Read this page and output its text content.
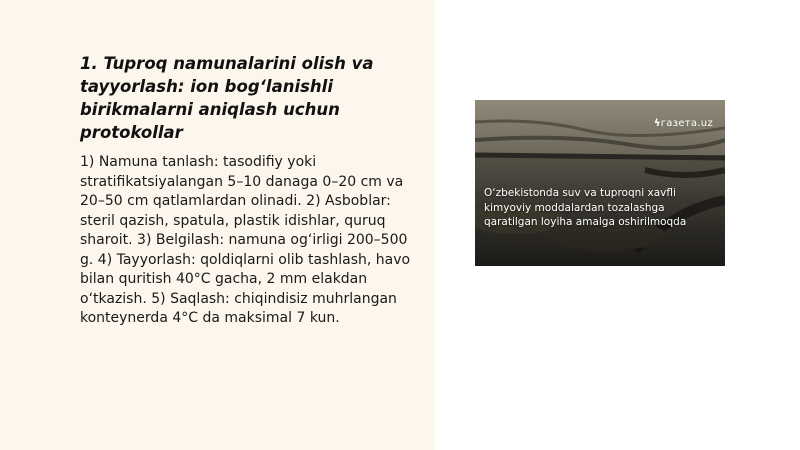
1. Tuproq namunalarini olish va tayyorlash: ion bog‘lanishli birikmalarni aniqlash uchun protokollar

1) Namuna tanlash: tasodifiy yoki stratifikatsiyalangan 5–10 danaga 0–20 cm va 20–50 cm qatlamlardan olinadi. 2) Asboblar: steril qazish, spatula, plastik idishlar, quruq sharoit. 3) Belgilash: namuna og‘irligi 200–500 g. 4) Tayyorlash: qoldiqlarni olib tashlash, havo bilan quritish 40°C gacha, 2 mm elakdan o‘tkazish. 5) Saqlash: chiqindisiz muhrlangan konteynerda 4°C da maksimal 7 kun.

ϟгазета.uz

O‘zbekistonda suv va tuproqni xavfli kimyoviy moddalardan tozalashga qaratilgan loyiha amalga oshirilmoqda
